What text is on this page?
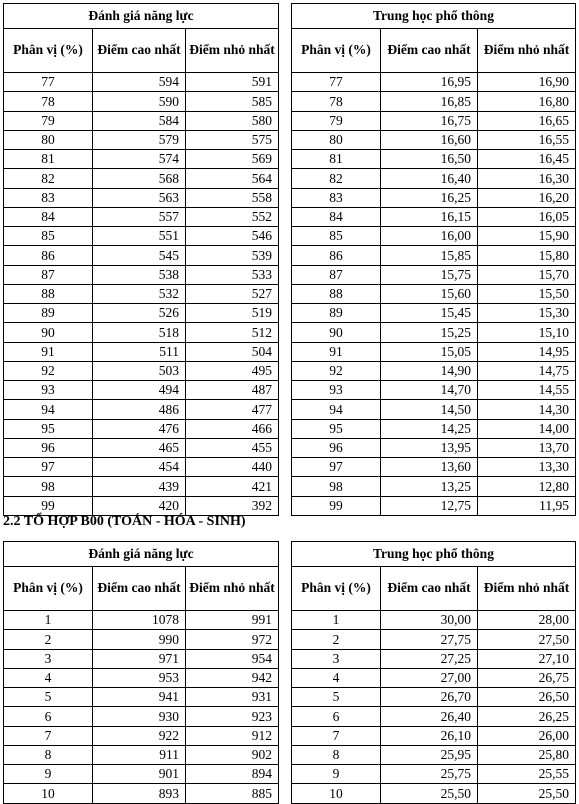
Đánh giá năng lực		
Phân vị (%)	Điểm cao nhất	Điểm nhỏ nhất
77	594	591
78	590	585
79	584	580
80	579	575
81	574	569
82	568	564
83	563	558
84	557	552
85	551	546
86	545	539
87	538	533
88	532	527
89	526	519
90	518	512
91	511	504
92	503	495
93	494	487
94	486	477
95	476	466
96	465	455
97	454	440
98	439	421
99	420	392
Trung học phổ thông		
Phân vị (%)	Điểm cao nhất	Điểm nhỏ nhất
77	16,95	16,90
78	16,85	16,80
79	16,75	16,65
80	16,60	16,55
81	16,50	16,45
82	16,40	16,30
83	16,25	16,20
84	16,15	16,05
85	16,00	15,90
86	15,85	15,80
87	15,75	15,70
88	15,60	15,50
89	15,45	15,30
90	15,25	15,10
91	15,05	14,95
92	14,90	14,75
93	14,70	14,55
94	14,50	14,30
95	14,25	14,00
96	13,95	13,70
97	13,60	13,30
98	13,25	12,80
99	12,75	11,95
2.2 TỔ HỢP B00 (TOÁN - HÓA - SINH)
Đánh giá năng lực		
Phân vị (%)	Điểm cao nhất	Điểm nhỏ nhất
1	1078	991
2	990	972
3	971	954
4	953	942
5	941	931
6	930	923
7	922	912
8	911	902
9	901	894
10	893	885
Trung học phổ thông		
Phân vị (%)	Điểm cao nhất	Điểm nhỏ nhất
1	30,00	28,00
2	27,75	27,50
3	27,25	27,10
4	27,00	26,75
5	26,70	26,50
6	26,40	26,25
7	26,10	26,00
8	25,95	25,80
9	25,75	25,55
10	25,50	25,50
